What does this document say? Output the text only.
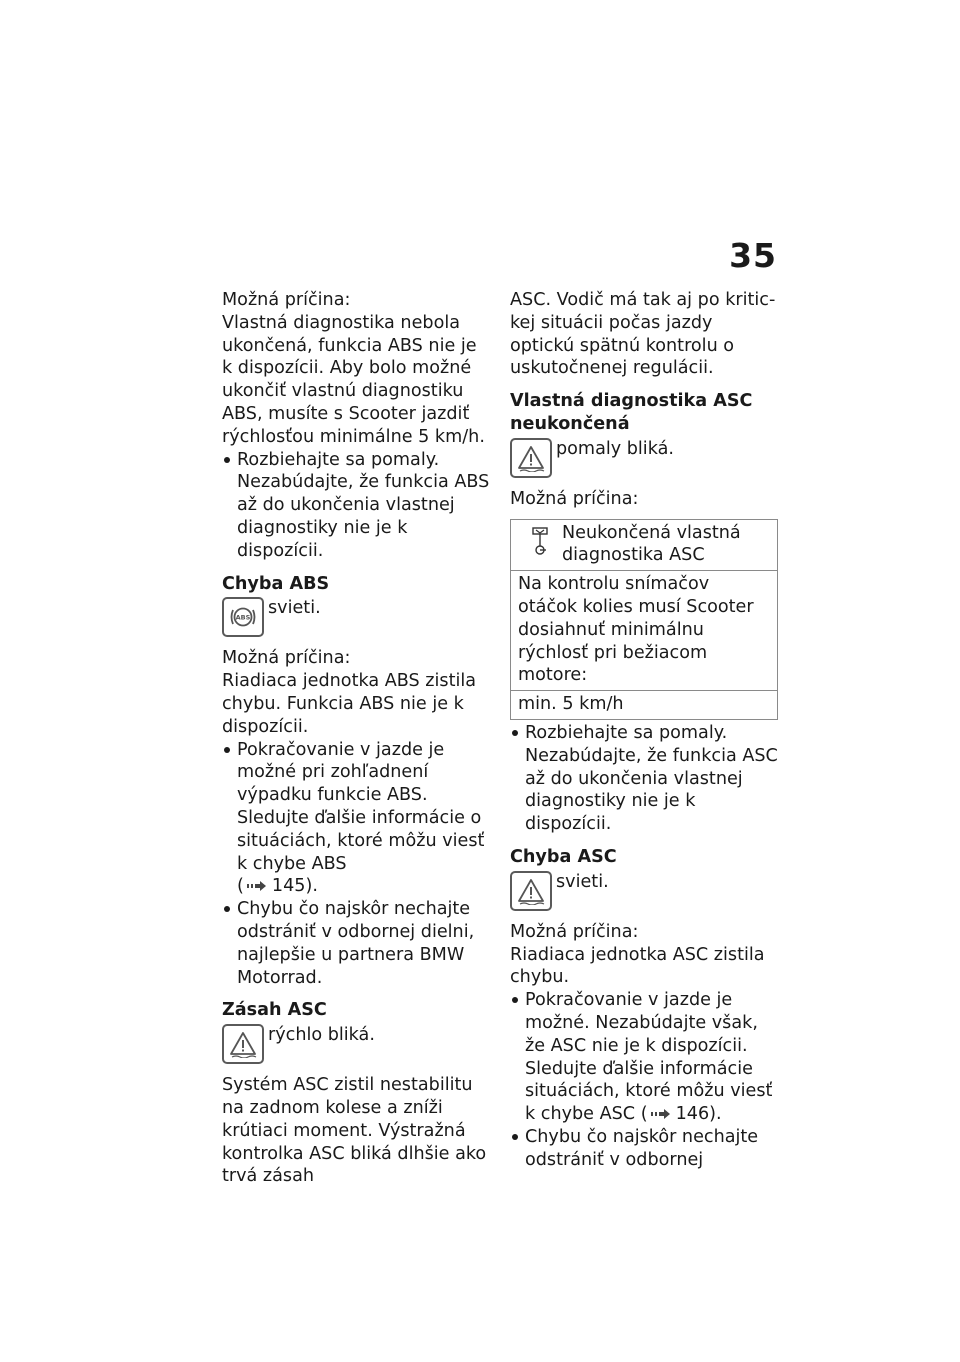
35

Možná príčina:

Vlastná diagnostika nebola ukončená, funkcia ABS nie je k dispozícii. Aby bolo možné ukončiť vlastnú diagnostiku ABS, musíte s Scooter jazdiť rýchlosťou minimálne 5 km/h.

Rozbiehajte sa pomaly. Nezabúdajte, že funkcia ABS až do ukončenia vlastnej diagnostiky nie je k dispozícii.

Chyba ABS

ABS svieti.

Možná príčina:

Riadiaca jednotka ABS zistila chybu. Funkcia ABS nie je k dispozícii.

Pokračovanie v jazde je možné pri zohľadnení výpadku funkcie ABS. Sledujte ďalšie informácie o situáciách, ktoré môžu viesť k chybe ABS
( 145).
Chybu čo najskôr nechajte odstrániť v odbornej dielni, najlepšie u partnera BMW Motorrad.

Zásah ASC

rýchlo bliká.

Systém ASC zistil nestabilitu na zadnom kolese a zníži krútiaci moment. Výstražná kontrolka ASC bliká dlhšie ako trvá zásah

ASC. Vodič má tak aj po kritickej situácii počas jazdy optickú spätnú kontrolu o uskutočnenej regulácii.

Vlastná diagnostika ASC neukončená

pomaly bliká.

Možná príčina:

Neukončená vlastná diagnostika ASC

Na kontrolu snímačov otáčok kolies musí Scooter dosiahnuť minimálnu rýchlosť pri bežiacom motore:
min. 5 km/h
Rozbiehajte sa pomaly. Nezabúdajte, že funkcia ASC až do ukončenia vlastnej diagnostiky nie je k dispozícii.

Chyba ASC

svieti.

Možná príčina:

Riadiaca jednotka ASC zistila chybu.

Pokračovanie v jazde je možné. Nezabúdajte však, že ASC nie je k dispozícii. Sledujte ďalšie informácie situáciách, ktoré môžu viesť k chybe ASC ( 146).
Chybu čo najskôr nechajte odstrániť v odbornej
